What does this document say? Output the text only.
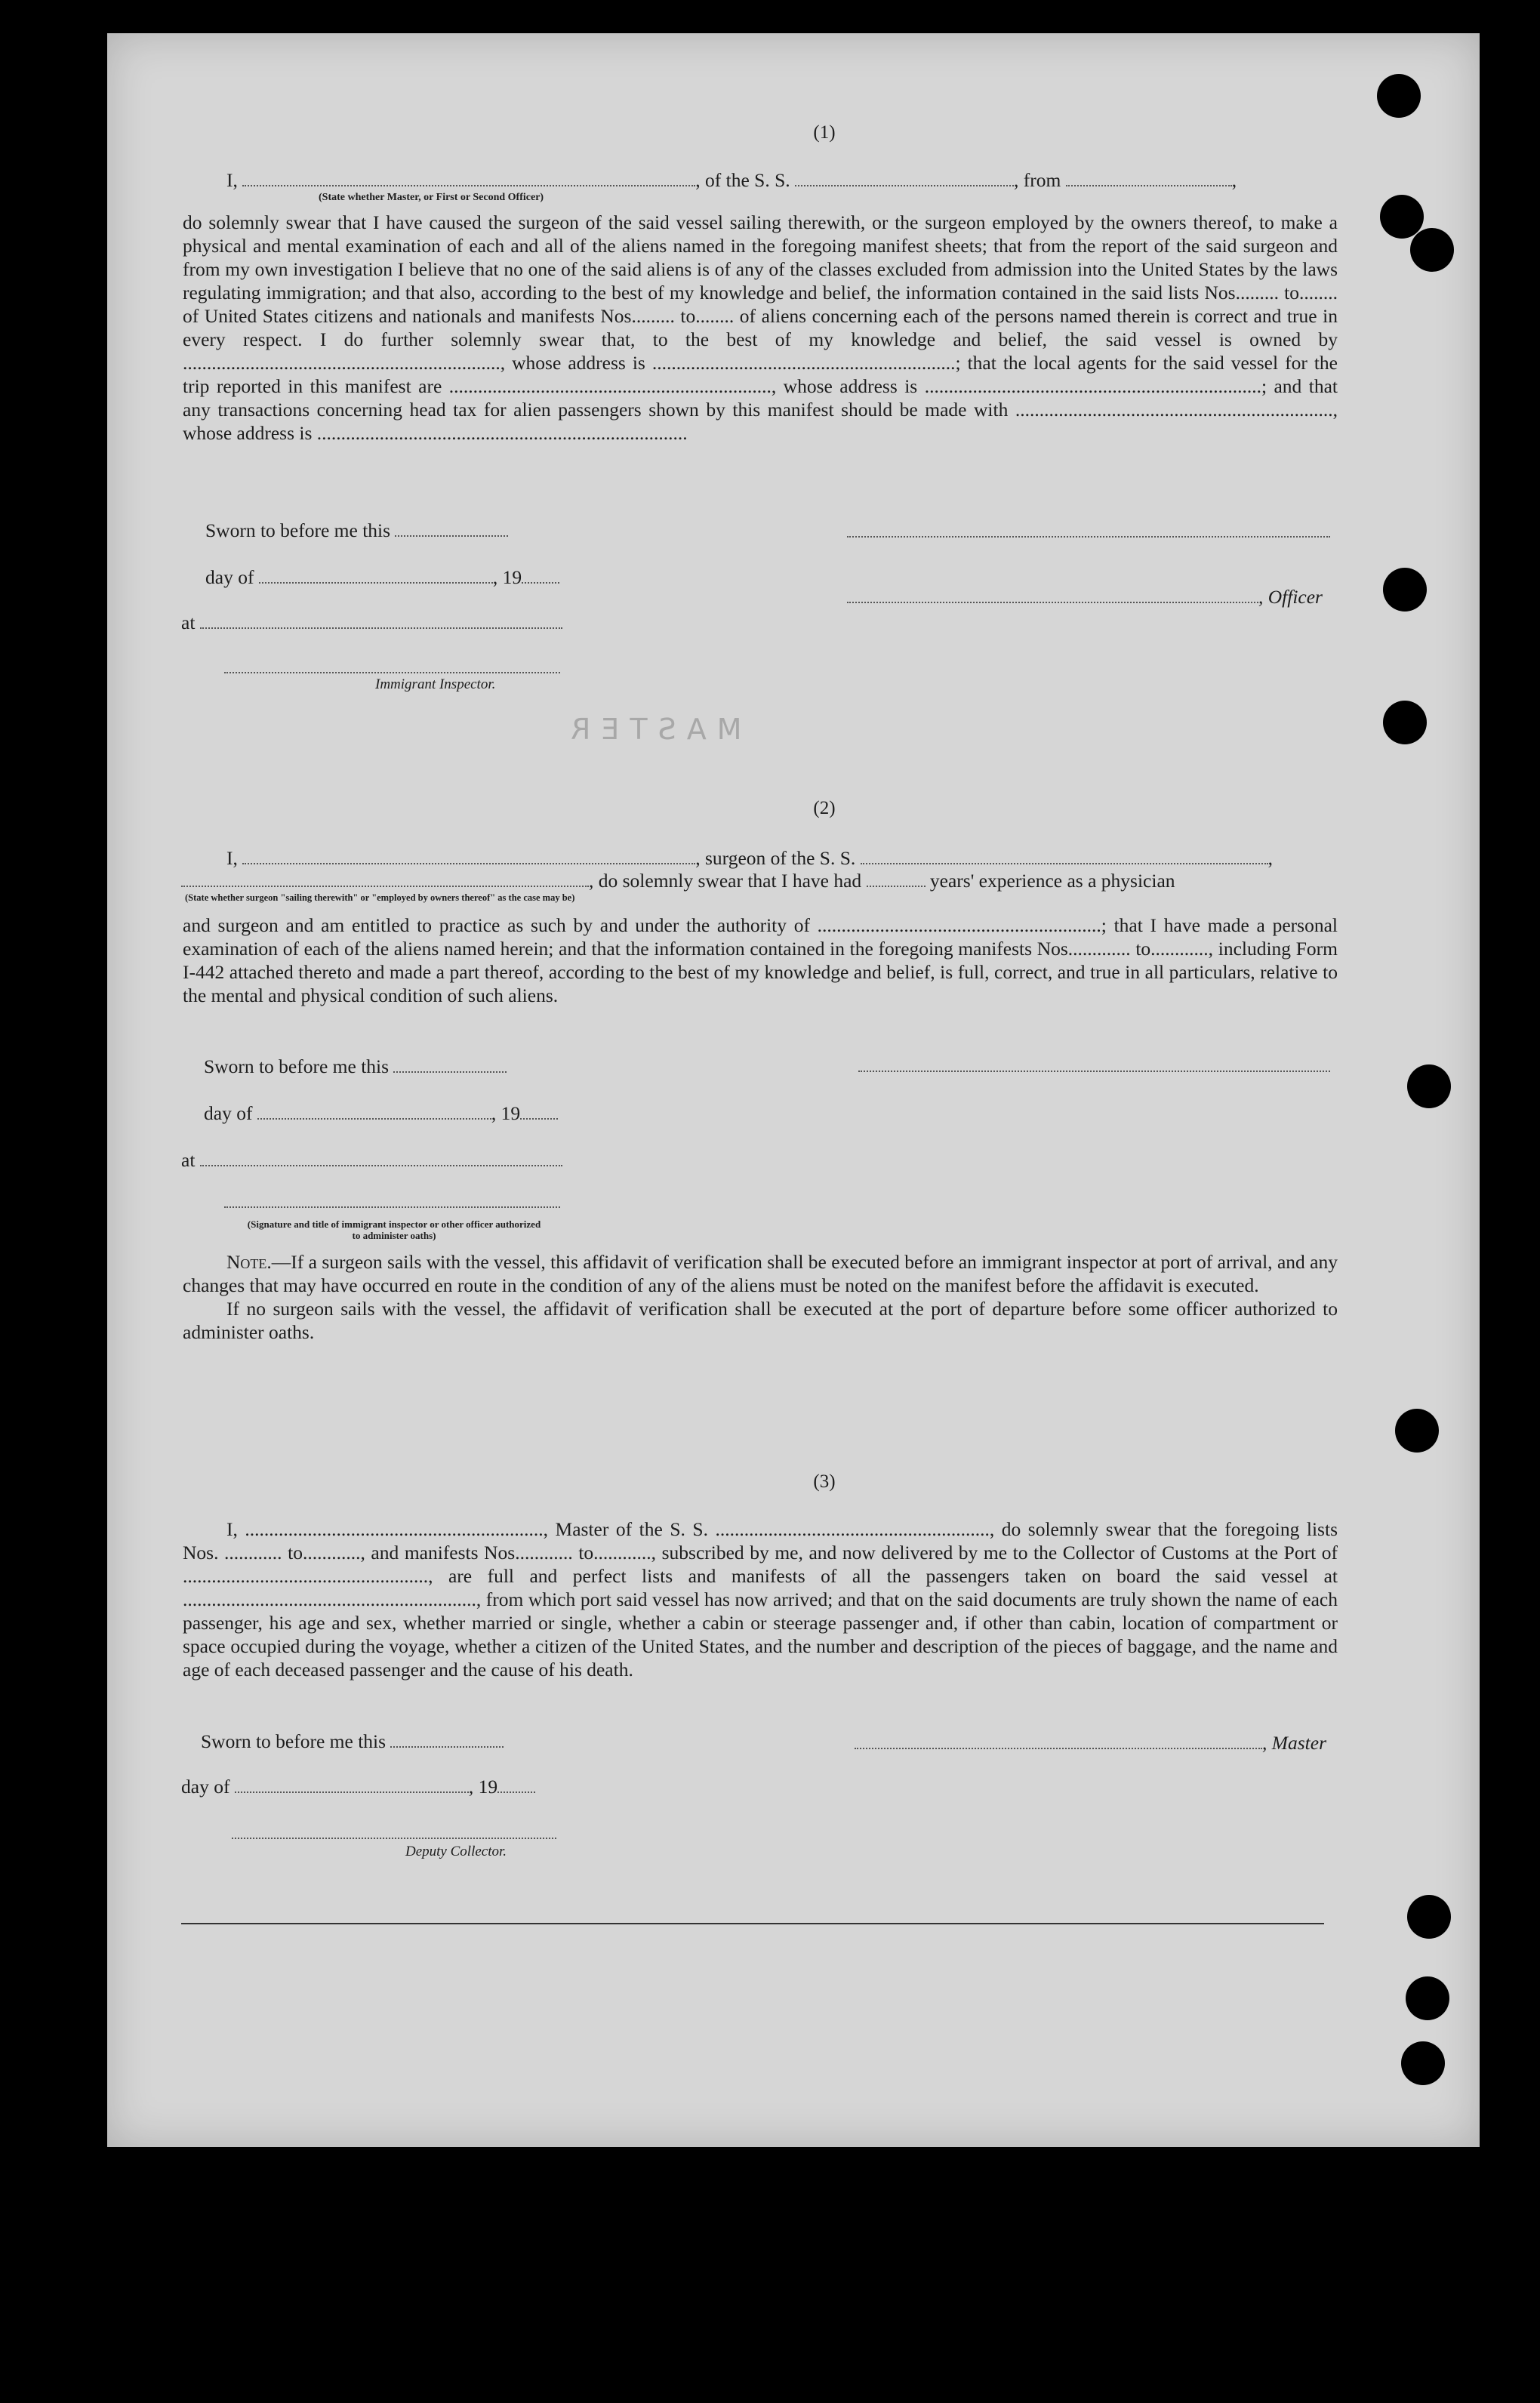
MASTER
(1)
I,	, of the S. S.	, from	,
(State whether Master, or First or Second Officer)

do solemnly swear that I have caused the surgeon of the said vessel sailing therewith, or the surgeon employed by the owners thereof, to make a physical and mental examination of each and all of the aliens named in the foregoing manifest sheets; that from the report of the said surgeon and from my own investigation I believe that no one of the said aliens is of any of the classes excluded from admission into the United States by the laws regulating immigration; and that also, according to the best of my knowledge and belief, the information contained in the said lists Nos......... to........ of United States citizens and nationals and manifests Nos......... to........ of aliens concerning each of the persons named therein is correct and true in every respect. I do further solemnly swear that, to the best of my knowledge and belief, the said vessel is owned by .................................................................., whose address is ...............................................................; that the local agents for the said vessel for the trip reported in this manifest are ..................................................................., whose address is ......................................................................; and that any transactions concerning head tax for alien passengers shown by this manifest should be made with .................................................................., whose address is .............................................................................

Sworn to before me this
day of	, 19
, Officer
at
Immigrant Inspector.
(2)
I,	, surgeon of the S. S.	,
, do solemnly swear that I have had	years' experience as a physician
(State whether surgeon "sailing therewith" or "employed by owners thereof" as the case may be)

and surgeon and am entitled to practice as such by and under the authority of ...........................................................; that I have made a personal examination of each of the aliens named herein; and that the information contained in the foregoing manifests Nos............. to............, including Form I-442 attached thereto and made a part thereof, according to the best of my knowledge and belief, is full, correct, and true in all particulars, relative to the mental and physical condition of such aliens.

Sworn to before me this
day of	, 19
at
(Signature and title of immigrant inspector or other officer authorized to administer oaths)

Note.—If a surgeon sails with the vessel, this affidavit of verification shall be executed before an immigrant inspector at port of arrival, and any changes that may have occurred en route in the condition of any of the aliens must be noted on the manifest before the affidavit is executed.

If no surgeon sails with the vessel, the affidavit of verification shall be executed at the port of departure before some officer authorized to administer oaths.

(3)

I, .............................................................., Master of the S. S. ........................................................., do solemnly swear that the foregoing lists Nos. ............ to............, and manifests Nos............ to............, subscribed by me, and now delivered by me to the Collector of Customs at the Port of ..................................................., are full and perfect lists and manifests of all the passengers taken on board the said vessel at ............................................................., from which port said vessel has now arrived; and that on the said documents are truly shown the name of each passenger, his age and sex, whether married or single, whether a cabin or steerage passenger and, if other than cabin, location of compartment or space occupied during the voyage, whether a citizen of the United States, and the number and description of the pieces of baggage, and the name and age of each deceased passenger and the cause of his death.

Sworn to before me this	, Master
day of	, 19
Deputy Collector.
